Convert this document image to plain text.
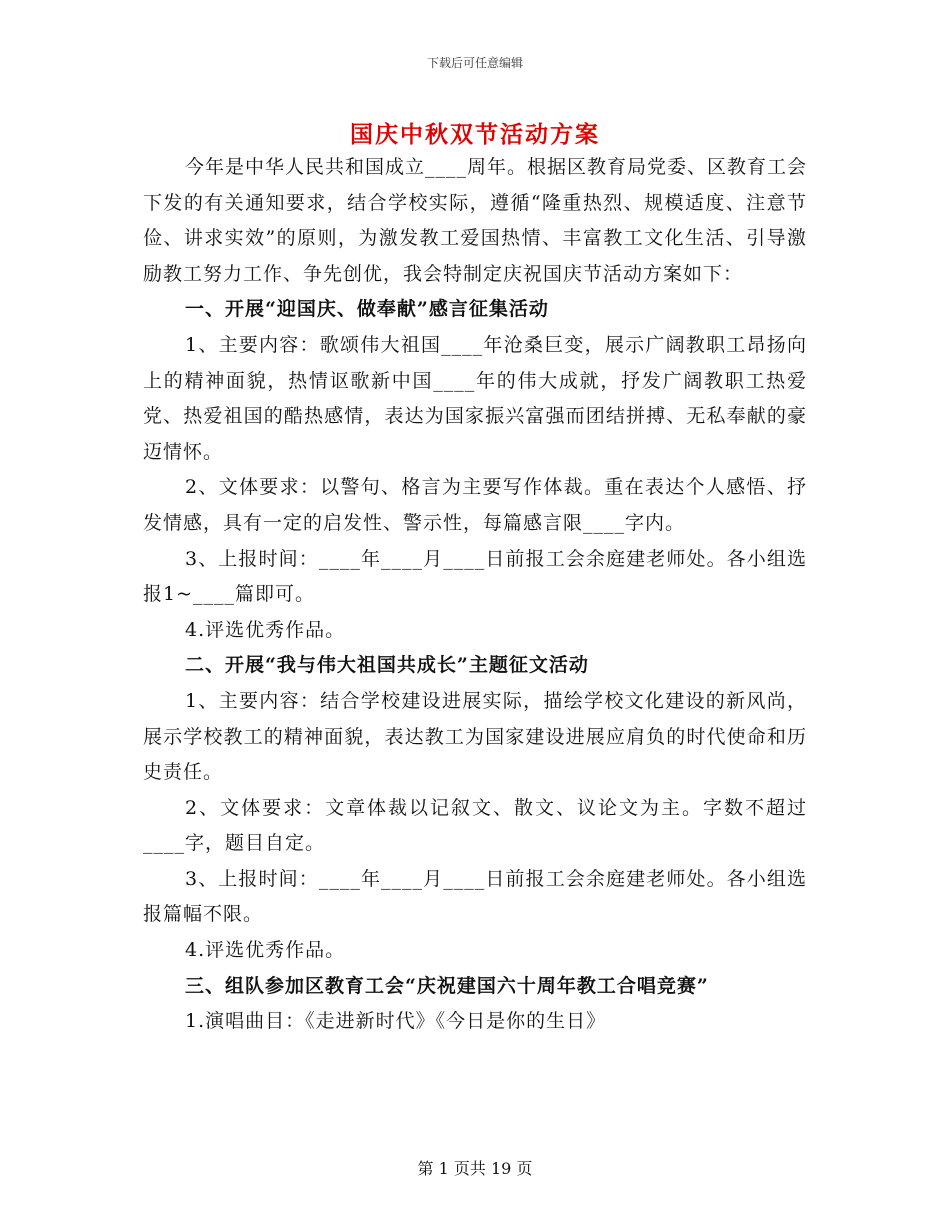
下载后可任意编辑
国庆中秋双节活动方案

今年是中华人民共和国成立____周年。根据区教育局党委、区教育工会下发的有关通知要求，结合学校实际，遵循“隆重热烈、规模适度、注意节俭、讲求实效”的原则，为激发教工爱国热情、丰富教工文化生活、引导激励教工努力工作、争先创优，我会特制定庆祝国庆节活动方案如下：

一、开展“迎国庆、做奉献”感言征集活动

1、主要内容：歌颂伟大祖国____年沧桑巨变，展示广阔教职工昂扬向上的精神面貌，热情讴歌新中国____年的伟大成就，抒发广阔教职工热爱党、热爱祖国的酷热感情，表达为国家振兴富强而团结拼搏、无私奉献的豪迈情怀。

2、文体要求：以警句、格言为主要写作体裁。重在表达个人感悟、抒发情感，具有一定的启发性、警示性，每篇感言限____字内。

3、上报时间：____年____月____日前报工会余庭建老师处。各小组选报1~____篇即可。

4.评选优秀作品。

二、开展“我与伟大祖国共成长”主题征文活动

1、主要内容：结合学校建设进展实际，描绘学校文化建设的新风尚，展示学校教工的精神面貌，表达教工为国家建设进展应肩负的时代使命和历史责任。

2、文体要求：文章体裁以记叙文、散文、议论文为主。字数不超过____字，题目自定。

3、上报时间：____年____月____日前报工会余庭建老师处。各小组选报篇幅不限。

4.评选优秀作品。

三、组队参加区教育工会“庆祝建国六十周年教工合唱竞赛”

1.演唱曲目：《走进新时代》《今日是你的生日》

第 1 页共 19 页
